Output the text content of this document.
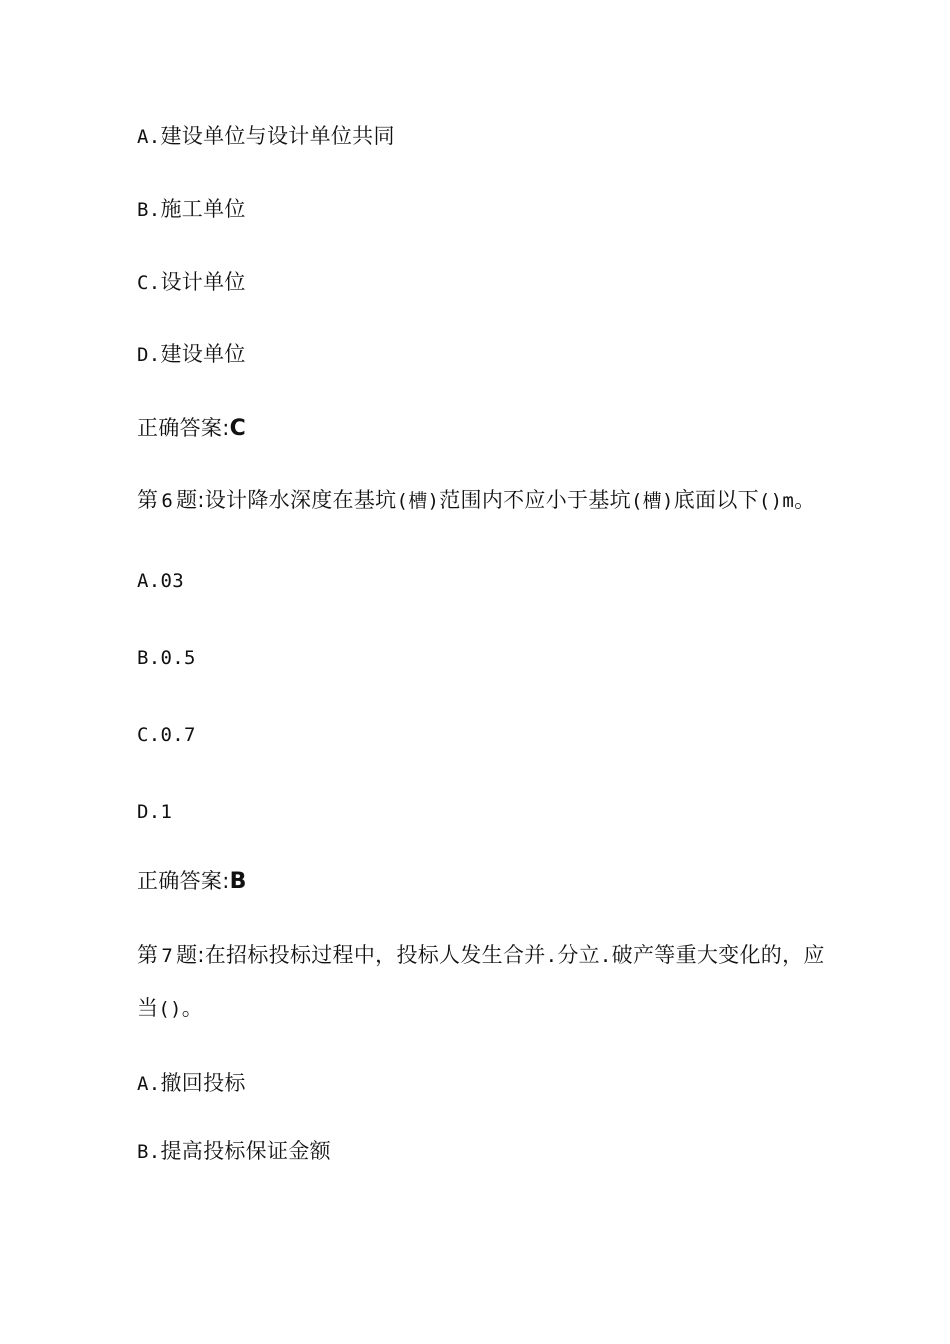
A.建设单位与设计单位共同
B.施工单位
C.设计单位
D.建设单位
正确答案:C
第 6 题:设计降水深度在基坑(槽)范围内不应小于基坑(槽)底面以下()m。
A.03
B.0.5
C.0.7
D.1
正确答案:B
第 7 题:在招标投标过程中，投标人发生合并.分立.破产等重大变化的，应
当()。
A.撤回投标
B.提高投标保证金额
